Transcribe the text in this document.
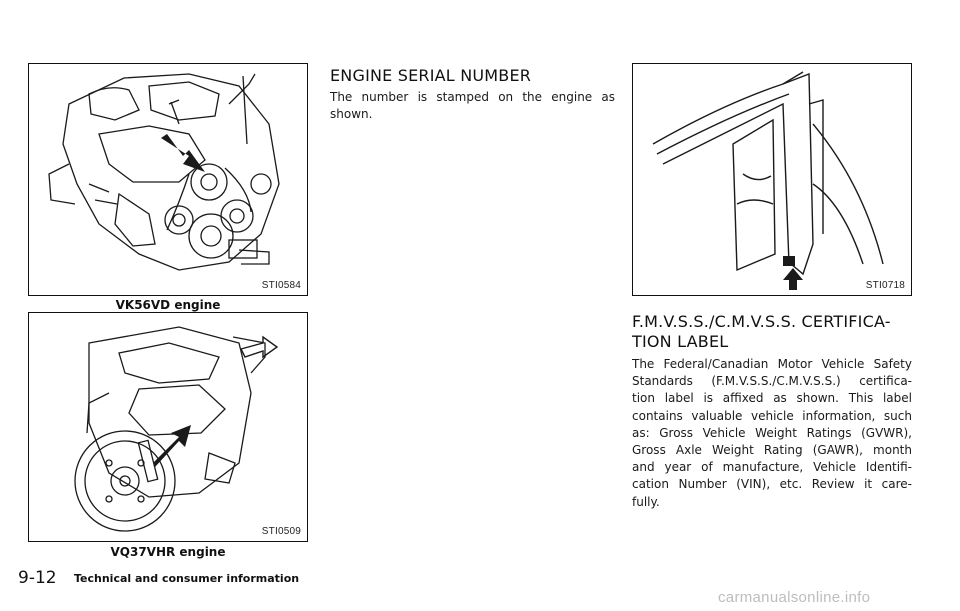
STI0584
VK56VD engine
STI0509
VQ37VHR engine
ENGINE SERIAL NUMBER

The number is stamped on the engine as shown.

STI0718
F.M.V.S.S./C.M.V.S.S. CERTIFICA-
TION LABEL
The Federal/Canadian Motor Vehicle Safety
Standards (F.M.V.S.S./C.M.V.S.S.) certifica-
tion label is affixed as shown. This label
contains valuable vehicle information, such
as: Gross Vehicle Weight Ratings (GVWR),
Gross Axle Weight Rating (GAWR), month
and year of manufacture, Vehicle Identifi-
cation Number (VIN), etc. Review it care-
fully.
9-12 Technical and consumer information
carmanualsonline.info
